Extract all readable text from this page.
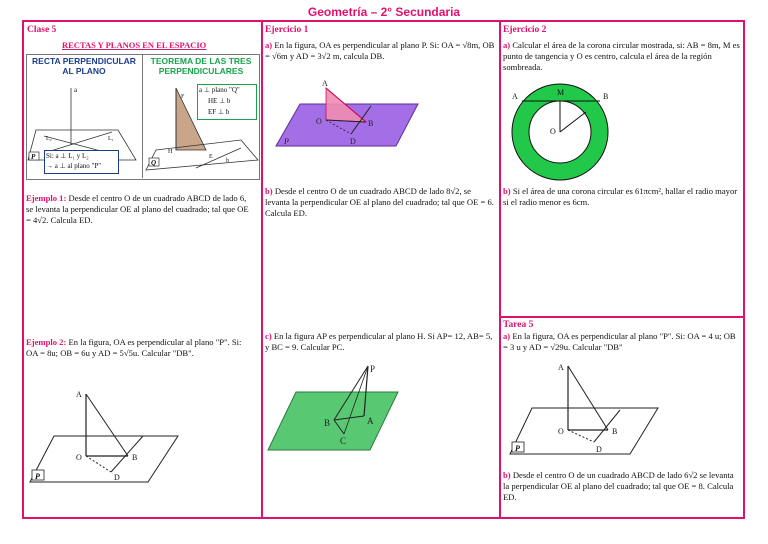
Geometría – 2° Secundaria
Clase 5
RECTAS Y PLANOS EN EL ESPACIO
RECTA PERPENDICULAR AL PLANO
TEOREMA DE LAS TRES PERPENDICULARES
P
a
L₂	L₁
Q
H
E
F
b
a ⊥ plano "Q"
HE ⊥ b
EF ⊥ b
Si: a ⊥ L₁ y L₂
→ a ⊥ al plano "P"
Ejemplo 1: Desde el centro O de un cuadrado ABCD de lado 6, se levanta la perpendicular OE al plano del cuadrado; tal que OE = 4√2. Calcula ED.
Ejemplo 2: En la figura, OA es perpendicular al plano "P". Si: OA = 8u; OB = 6u y AD = 5√5u. Calcular "DB".
A
O	B
D
P
Ejercicio 1
a) En la figura, OA es perpendicular al plano P. Si: OA = √8m, OB = √6m y AD = 3√2 m, calcula DB.
A
O	B
D
P
b) Desde el centro O de un cuadrado ABCD de lado 8√2, se levanta la perpendicular OE al plano del cuadrado; tal que OE = 6. Calcula ED.
c) En la figura AP es perpendicular al plano H. Si AP= 12, AB= 5, y BC = 9. Calcular PC.
P
B	A
C
Ejercicio 2
a) Calcular el área de la corona circular mostrada, si: AB = 8m, M es punto de tangencia y O es centro, calcula el área de la región sombreada.
A	M	B
O
b) Si el área de una corona circular es 61πcm², hallar el radio mayor si el radio menor es 6cm.
Tarea 5
a) En la figura, OA es perpendicular al plano "P". Si: OA = 4 u; OB = 3 u y AD = √29u. Calcular "DB"
A
O	B
D
P
b) Desde el centro O de un cuadrado ABCD de lado 6√2 se levanta la perpendicular OE al plano del cuadrado; tal que OE = 8. Calcula ED.
